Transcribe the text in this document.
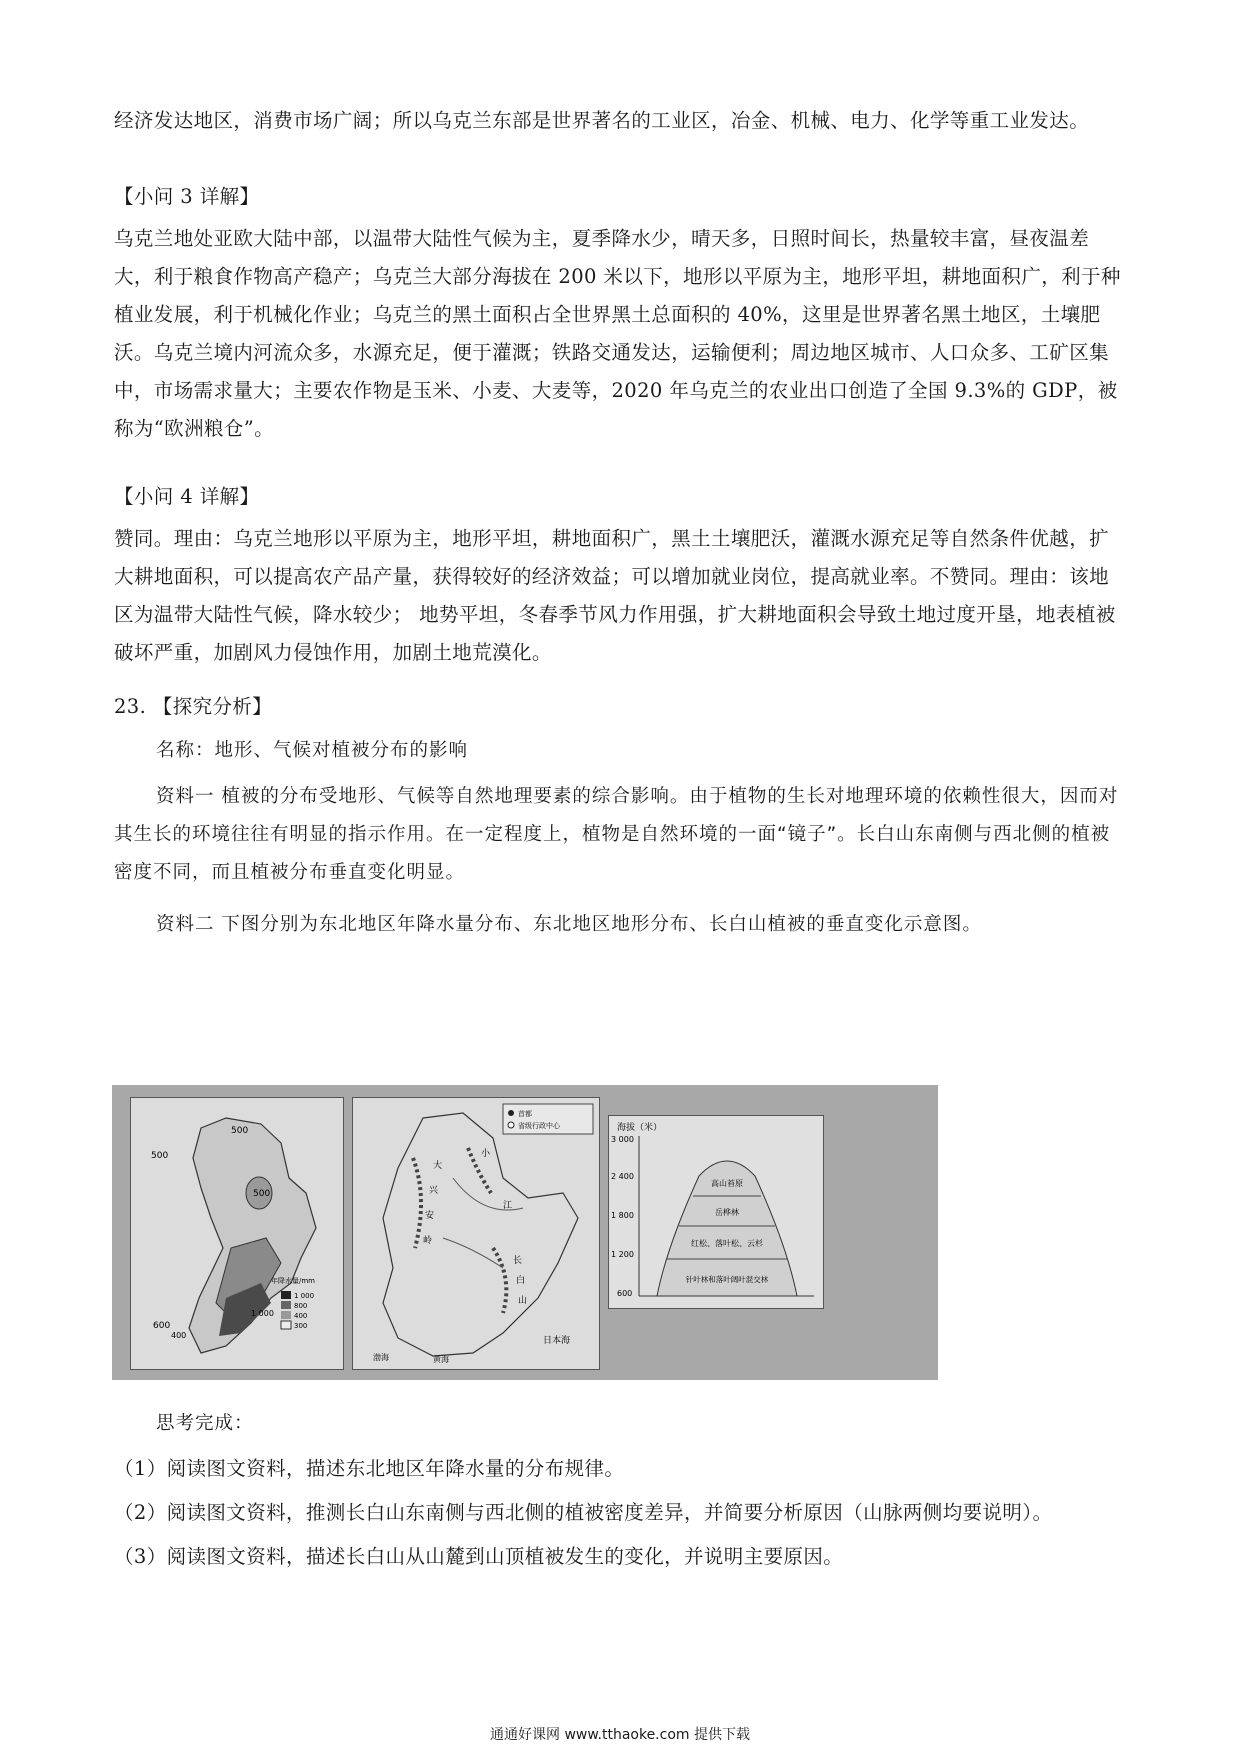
经济发达地区，消费市场广阔；所以乌克兰东部是世界著名的工业区，冶金、机械、电力、化学等重工业发达。

【小问 3 详解】

乌克兰地处亚欧大陆中部，以温带大陆性气候为主，夏季降水少，晴天多，日照时间长，热量较丰富，昼夜温差大，利于粮食作物高产稳产；乌克兰大部分海拔在 200 米以下，地形以平原为主，地形平坦，耕地面积广，利于种植业发展，利于机械化作业；乌克兰的黑土面积占全世界黑土总面积的 40%，这里是世界著名黑土地区，土壤肥沃。乌克兰境内河流众多，水源充足，便于灌溉；铁路交通发达，运输便利；周边地区城市、人口众多、工矿区集中，市场需求量大；主要农作物是玉米、小麦、大麦等，2020 年乌克兰的农业出口创造了全国 9.3%的 GDP，被称为“欧洲粮仓”。

【小问 4 详解】

赞同。理由：乌克兰地形以平原为主，地形平坦，耕地面积广，黑土土壤肥沃，灌溉水源充足等自然条件优越，扩大耕地面积，可以提高农产品产量，获得较好的经济效益；可以增加就业岗位，提高就业率。不赞同。理由：该地区为温带大陆性气候，降水较少； 地势平坦，冬春季节风力作用强，扩大耕地面积会导致土地过度开垦，地表植被破坏严重，加剧风力侵蚀作用，加剧土地荒漠化。

23. 【探究分析】

名称：地形、气候对植被分布的影响

资料一 植被的分布受地形、气候等自然地理要素的综合影响。由于植物的生长对地理环境的依赖性很大，因而对其生长的环境往往有明显的指示作用。在一定程度上，植物是自然环境的一面“镜子”。长白山东南侧与西北侧的植被密度不同，而且植被分布垂直变化明显。

资料二 下图分别为东北地区年降水量分布、东北地区地形分布、长白山植被的垂直变化示意图。

500
500
500
600
1 000
400
年降水量/mm
1 000
800
400
300
首都
省级行政中心
大
兴
安
岭
小
长
白
山
江
渤海	黄海
日本海
海拔（米）
3 000
2 400
1 800
1 200
600
高山苔原
岳桦林
红松、落叶松、云杉
针叶林和落叶阔叶混交林

思考完成：

（1）阅读图文资料，描述东北地区年降水量的分布规律。

（2）阅读图文资料，推测长白山东南侧与西北侧的植被密度差异，并简要分析原因（山脉两侧均要说明）。

（3）阅读图文资料，描述长白山从山麓到山顶植被发生的变化，并说明主要原因。

通通好课网 www.tthaoke.com 提供下载
